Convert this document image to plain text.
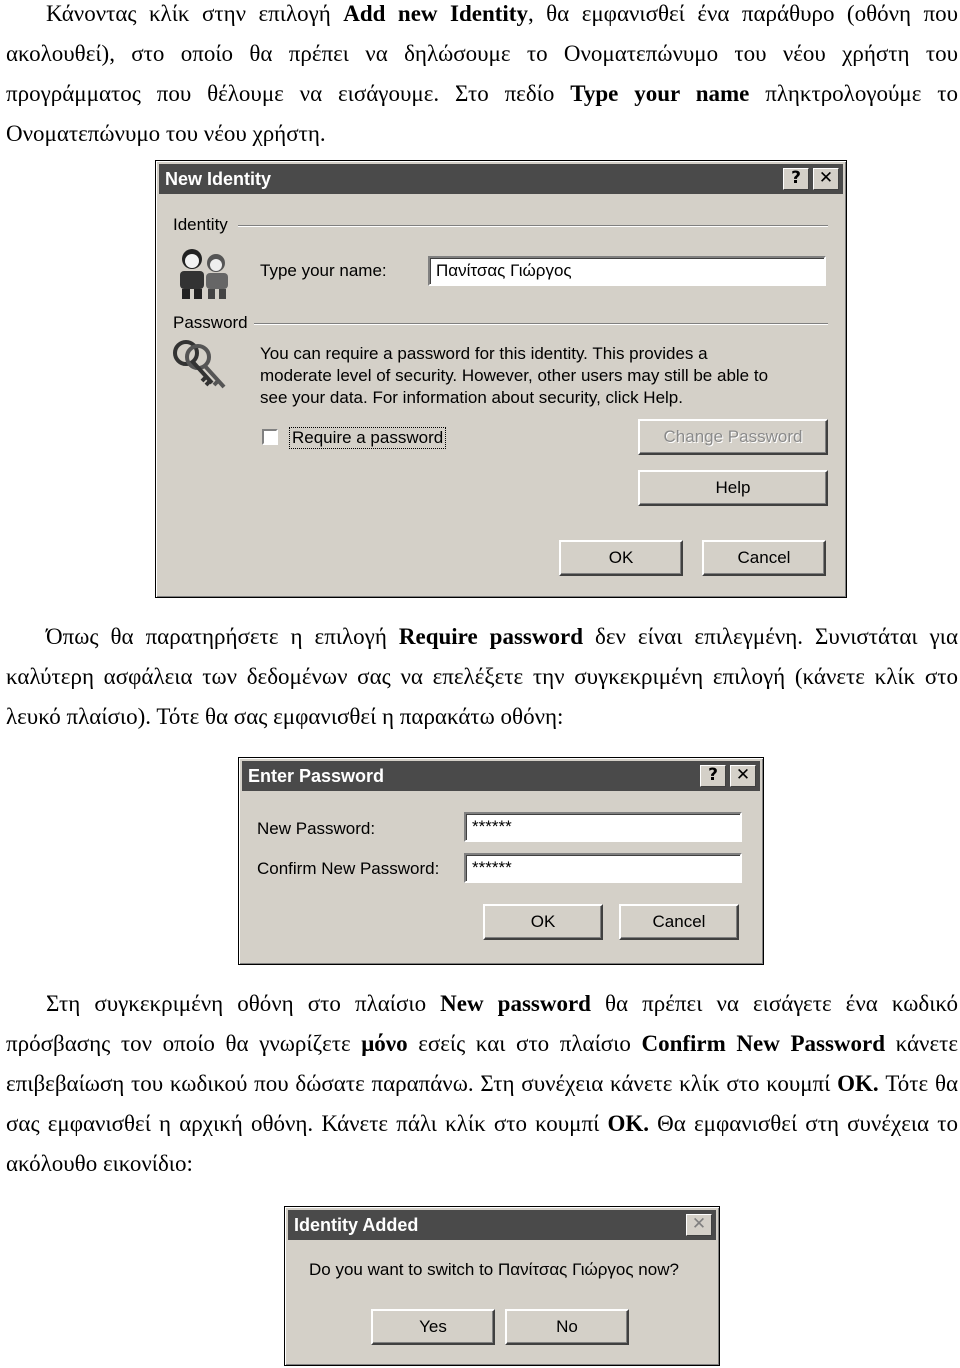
Κάνοντας κλίκ στην επιλογή Add new Identity, θα εμφανισθεί ένα παράθυρο (οθόνη που ακολουθεί), στο οποίο θα πρέπει να δηλώσουμε το Ονοματεπώνυμο του νέου χρήστη του προγράμματος που θέλουμε να εισάγουμε. Στο πεδίο Type your name πληκτρολογούμε το Ονοματεπώνυμο του νέου χρήστη.

New Identity	?	✕
Identity
Type your name:	Πανίτσας Γιώργος
Password
You can require a password for this identity. This provides a
moderate level of security. However, other users may still be able to
see your data. For information about security, click Help.
Require a password	Change Password
Help
OK	Cancel

Όπως θα παρατηρήσετε η επιλογή Require password δεν είναι επιλεγμένη. Συνιστάται για καλύτερη ασφάλεια των δεδομένων σας να επελέξετε την συγκεκριμένη επιλογή (κάνετε κλίκ στο λευκό πλαίσιο). Τότε θα σας εμφανισθεί η παρακάτω οθόνη:

Enter Password	?	✕
New Password:	******
Confirm New Password:	******
OK	Cancel

Στη συγκεκριμένη οθόνη στο πλαίσιο New password θα πρέπει να εισάγετε ένα κωδικό πρόσβασης τον οποίο θα γνωρίζετε μόνο εσείς και στο πλαίσιο Confirm New Password κάνετε επιβεβαίωση του κωδικού που δώσατε παραπάνω. Στη συνέχεια κάνετε κλίκ στο κουμπί OK. Τότε θα σας εμφανισθεί η αρχική οθόνη. Κάνετε πάλι κλίκ στο κουμπί OK. Θα εμφανισθεί στη συνέχεια το ακόλουθο εικονίδιο:

Identity Added	✕
Do you want to switch to Πανίτσας Γιώργος now?
Yes	No
